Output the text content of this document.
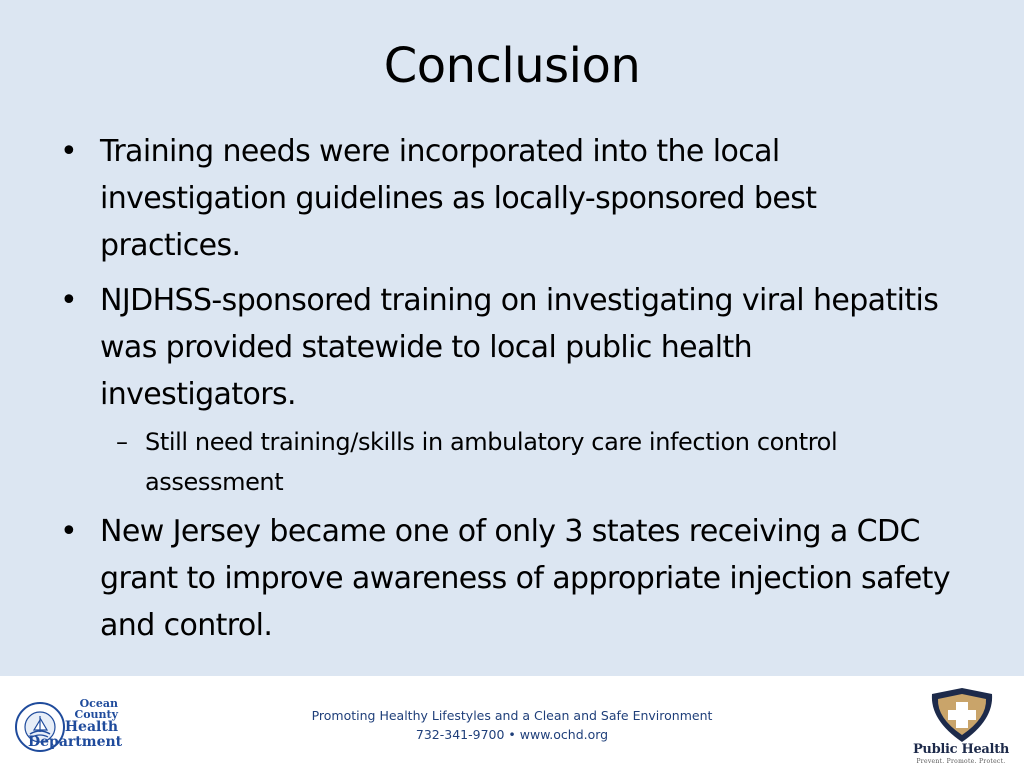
Conclusion
• Training needs were incorporated into the local investigation guidelines as locally-sponsored best practices.
• NJDHSS-sponsored training on investigating viral hepatitis was provided statewide to local public health investigators.
– Still need training/skills in ambulatory care infection control assessment
• New Jersey became one of only 3 states receiving a CDC grant to improve awareness of appropriate injection safety and control.
Ocean
County
Health
Department
Promoting Healthy Lifestyles and a Clean and Safe Environment
732-341-9700 • www.ochd.org
Public Health
Prevent. Promote. Protect.
